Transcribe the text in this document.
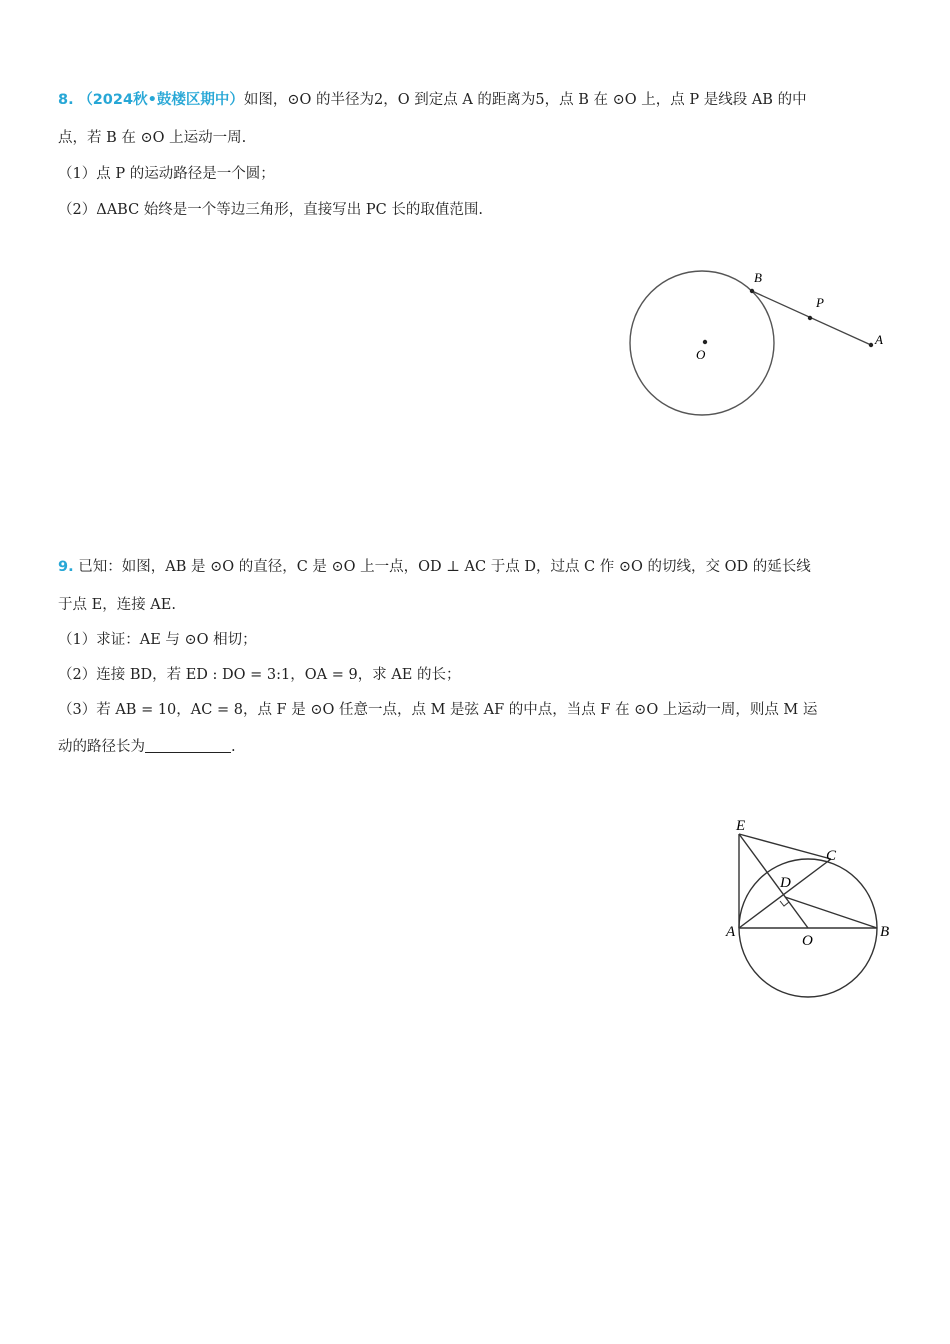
8. （2024秋•鼓楼区期中）如图，⊙O 的半径为2，O 到定点 A 的距离为5，点 B 在 ⊙O 上，点 P 是线段 AB 的中
点，若 B 在 ⊙O 上运动一周.
（1）点 P 的运动路径是一个圆；
（2）ΔABC 始终是一个等边三角形，直接写出 PC 长的取值范围.
B
P
A
O
9. 已知：如图，AB 是 ⊙O 的直径，C 是 ⊙O 上一点，OD ⊥ AC 于点 D，过点 C 作 ⊙O 的切线，交 OD 的延长线
于点 E，连接 AE.
（1）求证：AE 与 ⊙O 相切；
（2）连接 BD，若 ED : DO = 3:1，OA = 9，求 AE 的长；
（3）若 AB = 10，AC = 8，点 F 是 ⊙O 任意一点，点 M 是弦 AF 的中点，当点 F 在 ⊙O 上运动一周，则点 M 运
动的路径长为	.
E
C
D
A
O
B
